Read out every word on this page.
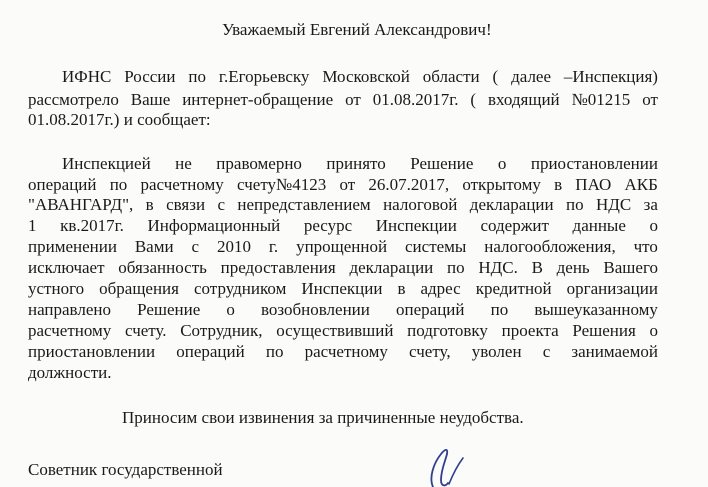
Уважаемый Евгений Александрович!
ИФНС России по г.Егорьевску Московской области ( далее –Инспекция)
рассмотрело Ваше интернет-обращение от 01.08.2017г. ( входящий №01215 от
01.08.2017г.) и сообщает:
Инспекцией не правомерно принято Решение о приостановлении
операций по расчетному счету№4123 от 26.07.2017, открытому в ПАО АКБ
"АВАНГАРД", в связи с непредставлением налоговой декларации по НДС за
1 кв.2017г. Информационный ресурс Инспекции содержит данные о
применении Вами с 2010 г. упрощенной системы налогообложения, что
исключает обязанность предоставления декларации по НДС. В день Вашего
устного обращения сотрудником Инспекции в адрес кредитной организации
направлено Решение о возобновлении операций по вышеуказанному
расчетному счету. Сотрудник, осуществивший подготовку проекта Решения о
приостановлении операций по расчетному счету, уволен с занимаемой
должности.
Приносим свои извинения за причиненные неудобства.
Советник государственной
